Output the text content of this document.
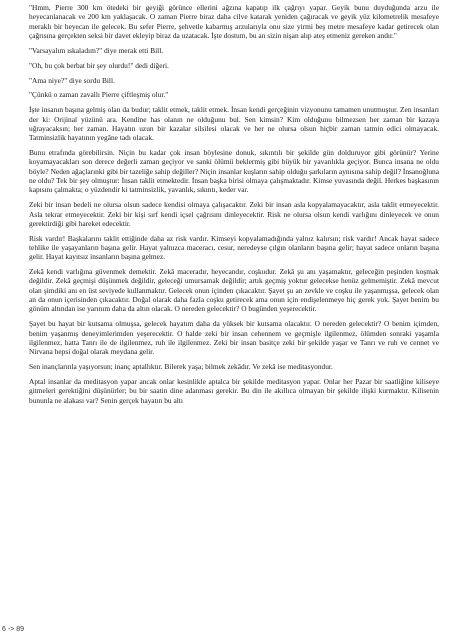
"Hmm, Pierre 300 km ötedeki bir geyiği görünce ellerini ağzına kapatıp ilk çağrıyı yapar. Geyik bunu duyduğunda arzu ile heyecanlanacak ve 200 km yaklaşacak. O zaman Pierre biraz daha cilve katarak yeniden çağıracak ve geyik yüz kilometrelik mesafeye meraklı bir heyecan ile gelecek. Bu sefer Pierre, şehvetle kabarmış arzularıyla onu size yirmi beş metre mesafeye kadar getirecek olan çağrısına gerçekten seksi bir davet ekleyip biraz da uzatacak. İşte dostum, bu an sizin nişan alıp ateş etmeniz gereken andır."

"Varsayalım ıskaladım?" diye merak etti Bill.

"Oh, bu çok berbat bir şey olurdu!" dedi diğeri.

"Ama niye?" diye sordu Bill.

"Çünkü o zaman zavallı Pierre çiftleşmiş olur."

İşte insanın başına gelmiş olan da budur; taklit etmek, taklit etmek. İnsan kendi gerçeğinin vizyonunu tamamen unutmuştur. Zen insanları der ki: Orijinal yüzünü ara. Kendine has olanın ne olduğunu bul. Sen kimsin? Kim olduğunu bilmezsen her zaman bir kazaya uğrayacaksın; her zaman. Hayatın uzun bir kazalar silsilesi olacak ve her ne olursa olsun hiçbir zaman tatmin edici olmayacak. Tatminsizlik hayatının yegâne tadı olacak.

Bunu etrafında görebilirsin. Niçin bu kadar çok insan böylesine donuk, sıkıntılı bir şekilde gün dolduruyor gibi görünür? Yerine koyamayacakları son derece değerli zaman geçiyor ve sanki ölümü beklermiş gibi büyük bir yavanlıkla geçiyor. Bunca insana ne oldu böyle? Neden ağaçlarınki gibi bir tazeliğe sahip değiller? Niçin insanlar kuşların sahip olduğu şarkıların aynısına sahip değil? İnsanoğluna ne oldu? Tek bir şey olmuştur: İnsan taklit etmektedir. İnsan başka birisi olmaya çalışmaktadır. Kimse yuvasında değil. Herkes başkasının kapısını çalmakta; o yüzdendir ki tatminsizlik, yavanlık, sıkıntı, keder var.

Zeki bir insan bedeli ne olursa olsun sadece kendisi olmaya çalışacaktır. Zeki bir insan asla kopyalamayacaktır, asla taklit etmeyecektir. Asla tekrar etmeyecektir. Zeki bir kişi sırf kendi içsel çağrısını dinleyecektir. Risk ne olursa olsun kendi varlığını dinleyecek ve onun gerektirdiği gibi hareket edecektir.

Risk vardır! Başkalarını taklit ettiğinde daha az risk vardır. Kimseyi kopyalamadığında yalnız kalırsın; risk vardır! Ancak hayat sadece tehlike ile yaşayanların başına gelir. Hayat yalnızca maceracı, cesur, neredeyse çılgın olanların başına gelir; hayat sadece onların başına gelir. Hayat kayıtsız insanların başına gelmez.

Zekâ kendi varlığına güvenmek demektir. Zekâ maceradır, heyecandır, coşkudur. Zekâ şu anı yaşamaktır, geleceğin peşinden koşmak değildir. Zekâ geçmişi düşünmek değildir, geleceği umursamak değildir; artık geçmiş yoktur gelecekse henüz gelmemiştir. Zekâ mevcut olan şimdiki anı en üst seviyede kullanmaktır. Gelecek onun içinden çıkacaktır. Şayet şu an zevkle ve coşku ile yaşanmışsa, gelecek olan an da onun içerisinden çıkacaktır. Doğal olarak daha fazla coşku getirecek ama onun için endişelenmeye hiç gerek yok. Şayet benim bu gönüm altından ise yarınım daha da altın olacak. O nereden gelecektir? O bugünden yeşerecektir.

Şayet bu hayat bir kutsama olmuşsa, gelecek hayatım daha da yüksek bir kutsama olacaktır. O nereden gelecektir? O benim içimden, benim yaşanmış deneyimlerimden yeşerecektir. O halde zeki bir insan cehennem ve geçmişle ilgilenmez, ölümden sonraki yaşamla ilgilenmez, hatta Tanrı ile de ilgilenmez, ruh ile ilgilenmez. Zeki bir insan basitçe zeki bir şekilde yaşar ve Tanrı ve ruh ve cennet ve Nirvana hepsi doğal olarak meydana gelir.

Sen inançlarınla yaşıyorsun; inanç aptallıktır. Bilerek yaşa; bilmek zekâdır. Ve zekâ ise meditasyondur.

Aptal insanlar da meditasyon yapar ancak onlar kesinlikle aptalca bir şekilde meditasyon yapar. Onlar her Pazar bir saatliğine kiliseye gitmeleri gerektiğini düşünürler; bu bir saatin dine adanması gerekir. Bu din ile akıllıca olmayan bir şekilde ilişki kurmaktır. Kilisenin bununla ne alakası var? Senin gerçek hayatın bu altı

6 -> 89
